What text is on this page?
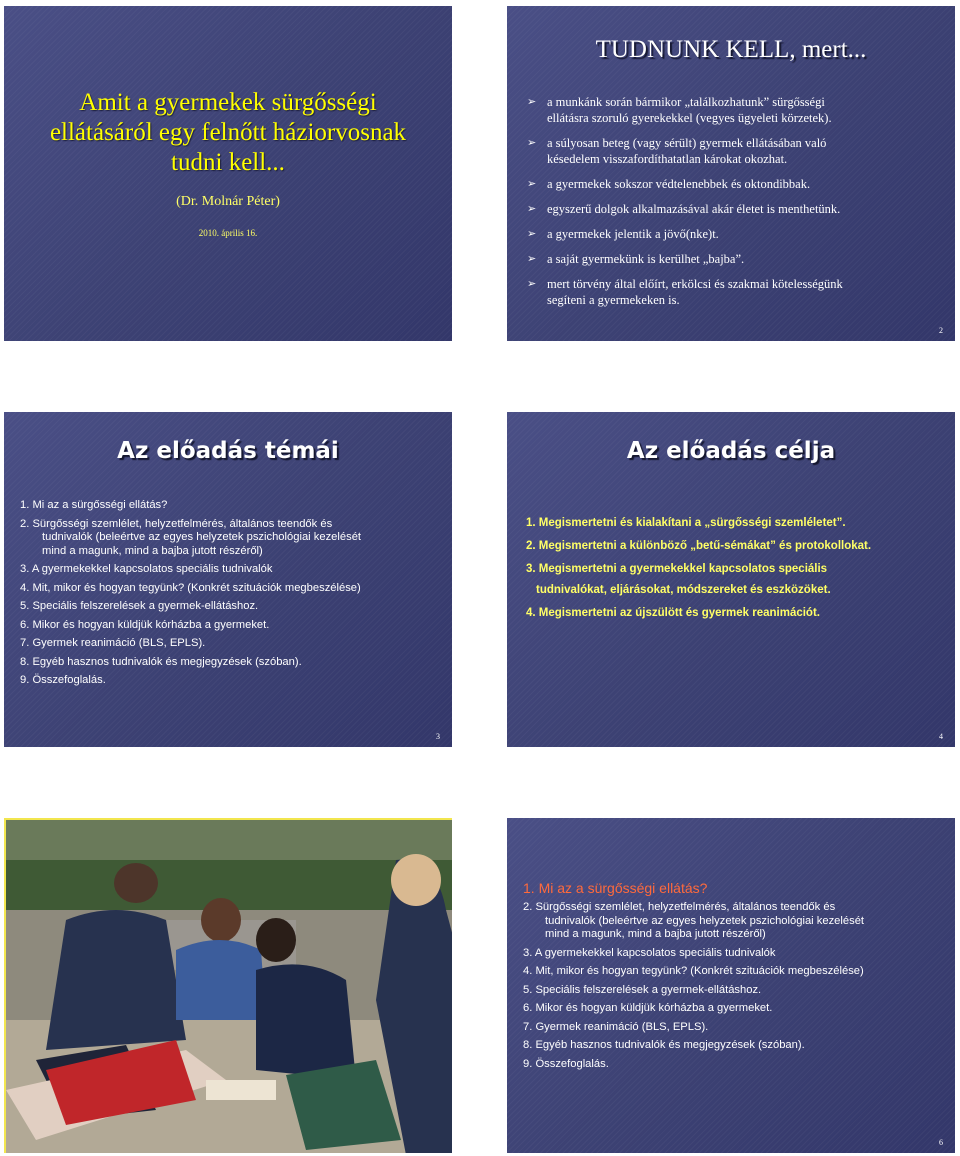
Amit a gyermekek sürgősségi
ellátásáról egy felnőtt háziorvosnak
tudni kell...
(Dr. Molnár Péter)
2010. április 16.
TUDNUNK KELL, mert...
➢ a munkánk során bármikor „találkozhatunk” sürgősségi
ellátásra szoruló gyerekekkel (vegyes ügyeleti körzetek).
➢ a súlyosan beteg (vagy sérült) gyermek ellátásában való
késedelem visszafordíthatatlan károkat okozhat.
➢ a gyermekek sokszor védtelenebbek és oktondibbak.
➢ egyszerű dolgok alkalmazásával akár életet is menthetünk.
➢ a gyermekek jelentik a jövő(nke)t.
➢ a saját gyermekünk is kerülhet „bajba”.
➢ mert törvény által előírt, erkölcsi és szakmai kötelességünk
segíteni a gyermekeken is.
2
Az előadás témái
1. Mi az a sürgősségi ellátás?
2. Sürgősségi szemlélet, helyzetfelmérés, általános teendők és
tudnivalók (beleértve az egyes helyzetek pszichológiai kezelését
mind a magunk, mind a bajba jutott részéről)
3. A gyermekekkel kapcsolatos speciális tudnivalók
4. Mit, mikor és hogyan tegyünk? (Konkrét szituációk megbeszélése)
5. Speciális felszerelések a gyermek-ellátáshoz.
6. Mikor és hogyan küldjük kórházba a gyermeket.
7. Gyermek reanimáció (BLS, EPLS).
8. Egyéb hasznos tudnivalók és megjegyzések (szóban).
9. Összefoglalás.
3
Az előadás célja
1. Megismertetni és kialakítani a „sürgősségi szemléletet”.
2. Megismertetni a különböző „betű-sémákat” és protokollokat.
3. Megismertetni a gyermekekkel kapcsolatos speciális
tudnivalókat, eljárásokat, módszereket és eszközöket.
4. Megismertetni az újszülött és gyermek reanimációt.
4
1. Mi az a sürgősségi ellátás?
2. Sürgősségi szemlélet, helyzetfelmérés, általános teendők és
tudnivalók (beleértve az egyes helyzetek pszichológiai kezelését
mind a magunk, mind a bajba jutott részéről)
3. A gyermekekkel kapcsolatos speciális tudnivalók
4. Mit, mikor és hogyan tegyünk? (Konkrét szituációk megbeszélése)
5. Speciális felszerelések a gyermek-ellátáshoz.
6. Mikor és hogyan küldjük kórházba a gyermeket.
7. Gyermek reanimáció (BLS, EPLS).
8. Egyéb hasznos tudnivalók és megjegyzések (szóban).
9. Összefoglalás.
6
